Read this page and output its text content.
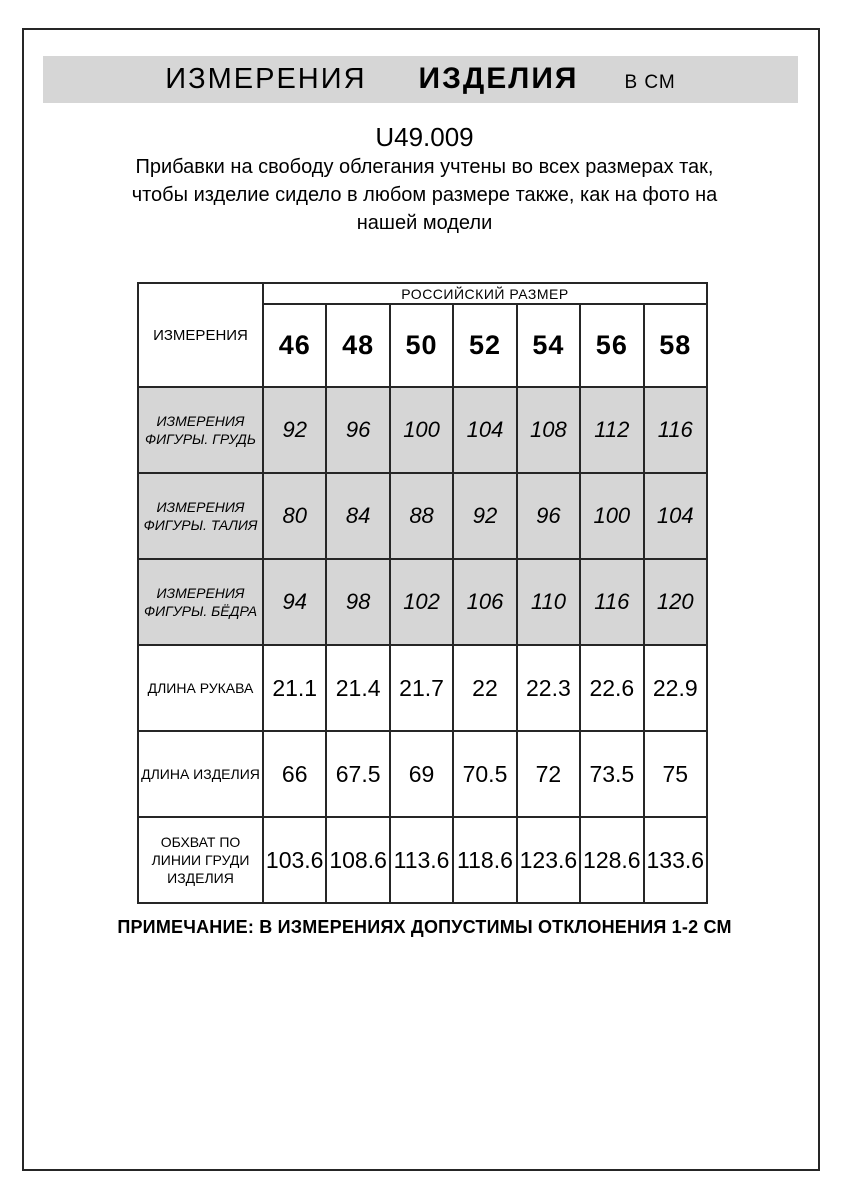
ИЗМЕРЕНИЯ ИЗДЕЛИЯ В СМ
U49.009
Прибавки на свободу облегания учтены во всех размерах так,
чтобы изделие сидело в любом размере также, как на фото на
нашей модели
ИЗМЕРЕНИЯ	РОССИЙСКИЙ РАЗМЕР						
	46	48	50	52	54	56	58
ИЗМЕРЕНИЯ
ФИГУРЫ. ГРУДЬ	92	96	100	104	108	112	116
ИЗМЕРЕНИЯ
ФИГУРЫ. ТАЛИЯ	80	84	88	92	96	100	104
ИЗМЕРЕНИЯ
ФИГУРЫ. БЁДРА	94	98	102	106	110	116	120
ДЛИНА РУКАВА	21.1	21.4	21.7	22	22.3	22.6	22.9
ДЛИНА ИЗДЕЛИЯ	66	67.5	69	70.5	72	73.5	75
ОБХВАТ ПО
ЛИНИИ ГРУДИ
ИЗДЕЛИЯ	103.6	108.6	113.6	118.6	123.6	128.6	133.6
ПРИМЕЧАНИЕ: В ИЗМЕРЕНИЯХ ДОПУСТИМЫ ОТКЛОНЕНИЯ 1-2 СМ
